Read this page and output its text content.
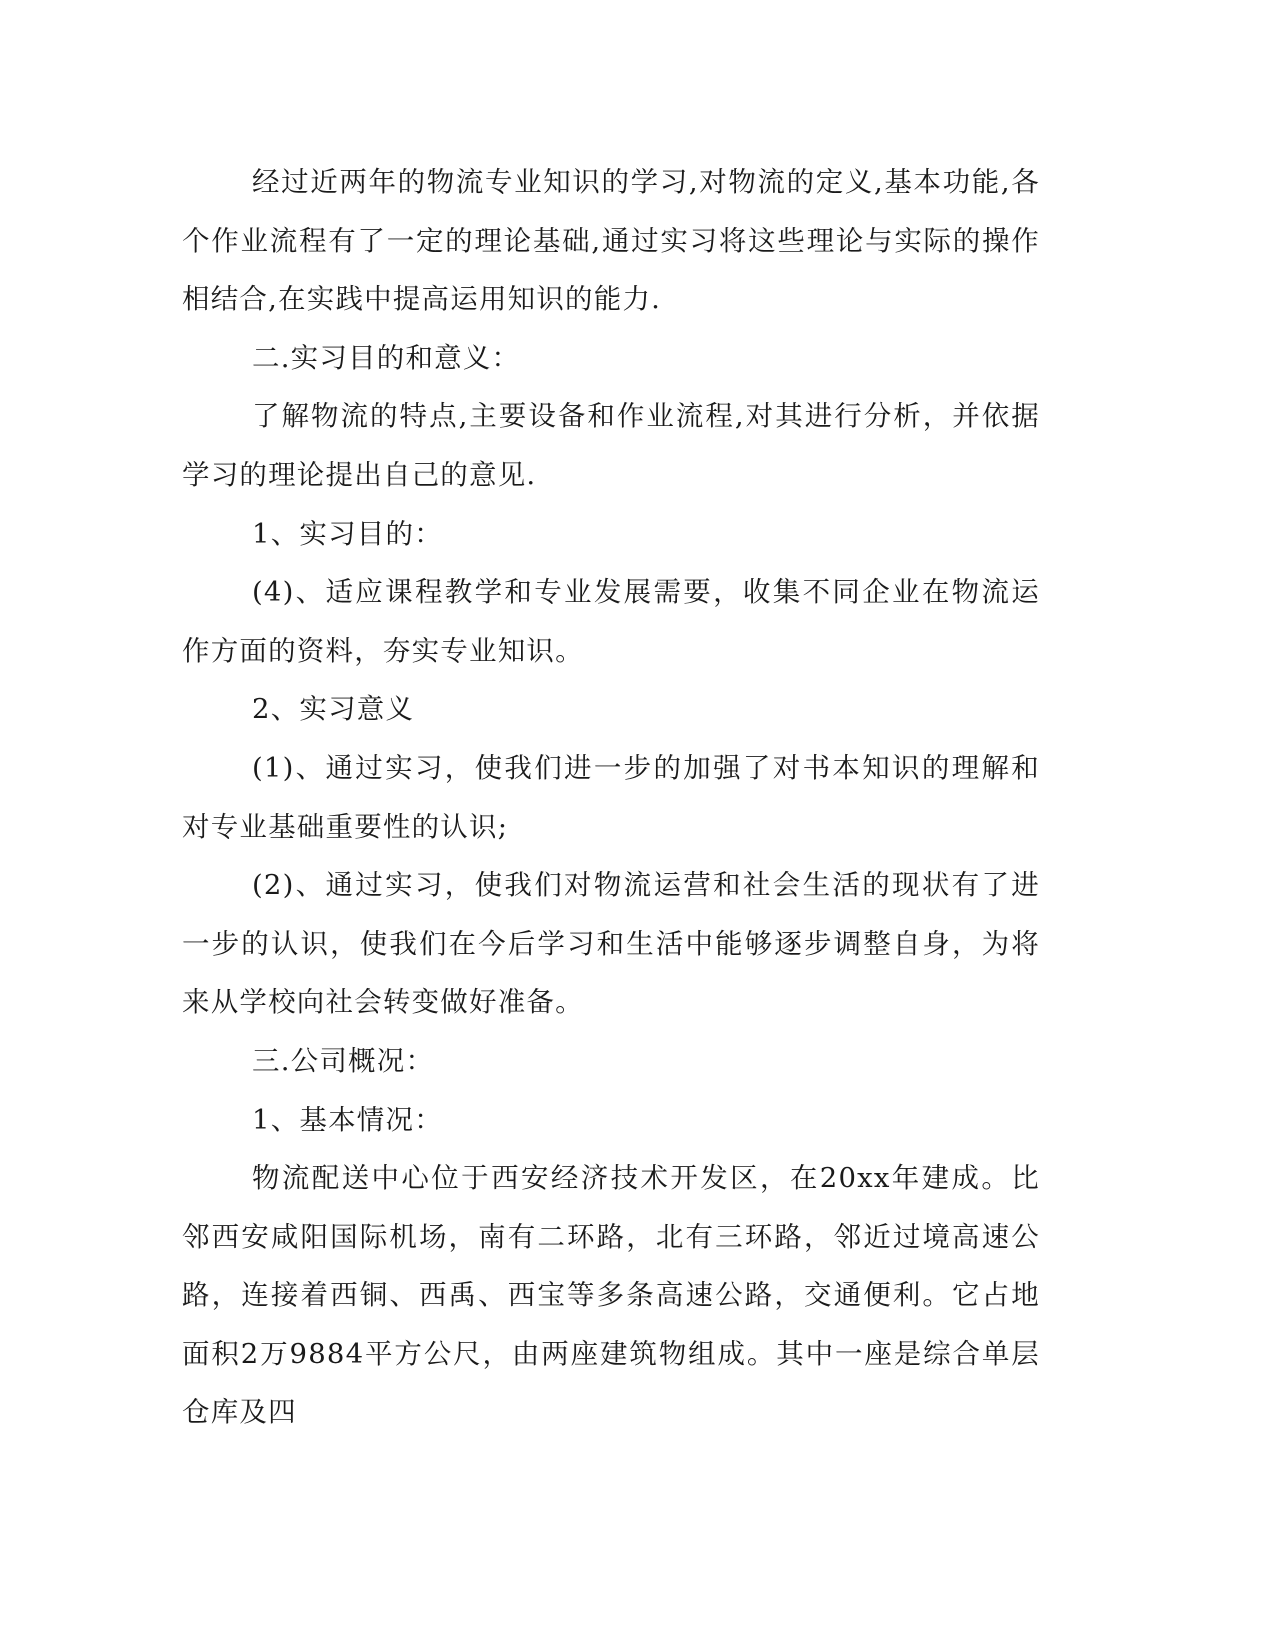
经过近两年的物流专业知识的学习,对物流的定义,基本功能,各个作业流程有了一定的理论基础,通过实习将这些理论与实际的操作相结合,在实践中提高运用知识的能力.

二.实习目的和意义：

了解物流的特点,主要设备和作业流程,对其进行分析，并依据学习的理论提出自己的意见.

1、实习目的：

(4)、适应课程教学和专业发展需要，收集不同企业在物流运作方面的资料，夯实专业知识。

2、实习意义

(1)、通过实习，使我们进一步的加强了对书本知识的理解和对专业基础重要性的认识;

(2)、通过实习，使我们对物流运营和社会生活的现状有了进一步的认识，使我们在今后学习和生活中能够逐步调整自身，为将来从学校向社会转变做好准备。

三.公司概况：

1、基本情况：

物流配送中心位于西安经济技术开发区，在20xx年建成。比邻西安咸阳国际机场，南有二环路，北有三环路，邻近过境高速公路，连接着西铜、西禹、西宝等多条高速公路，交通便利。它占地面积2万9884平方公尺，由两座建筑物组成。其中一座是综合单层仓库及四
